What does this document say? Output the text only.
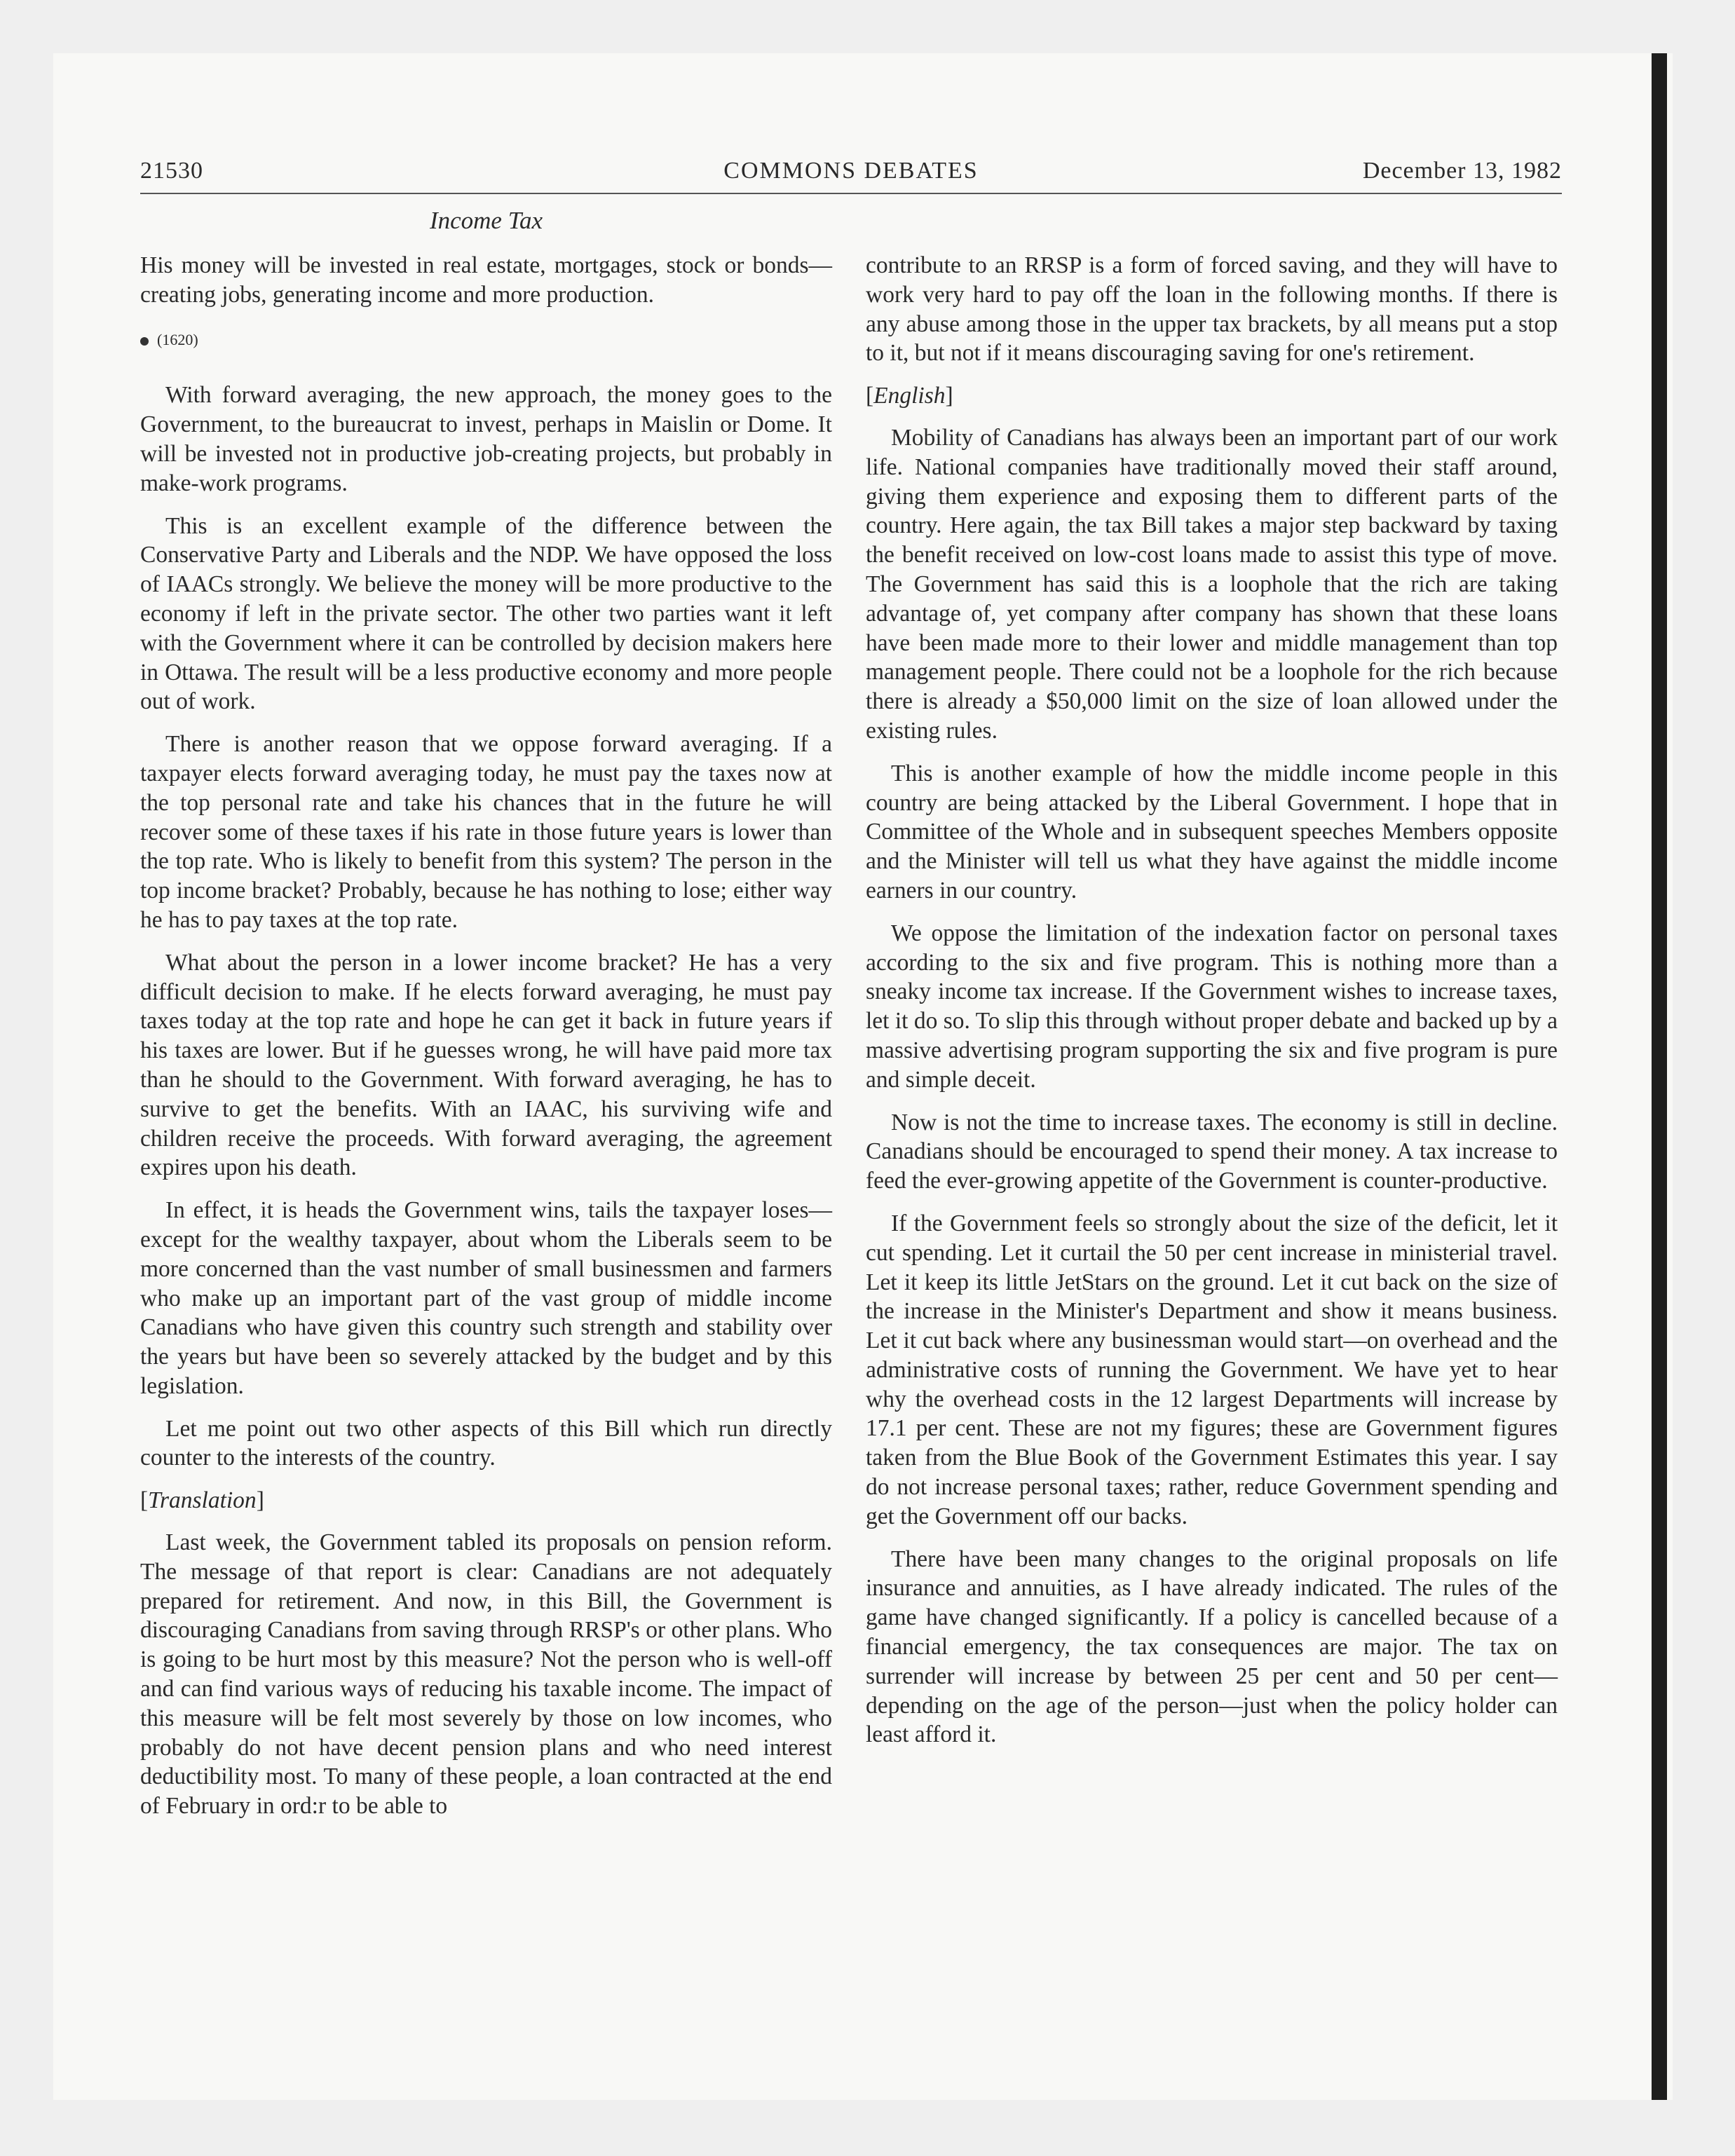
21530	COMMONS DEBATES	December 13, 1982
Income Tax

His money will be invested in real estate, mortgages, stock or bonds—creating jobs, generating income and more production.

(1620)

With forward averaging, the new approach, the money goes to the Government, to the bureaucrat to invest, perhaps in Maislin or Dome. It will be invested not in productive job-creating projects, but probably in make-work programs.

This is an excellent example of the difference between the Conservative Party and Liberals and the NDP. We have opposed the loss of IAACs strongly. We believe the money will be more productive to the economy if left in the private sector. The other two parties want it left with the Government where it can be controlled by decision makers here in Ottawa. The result will be a less productive economy and more people out of work.

There is another reason that we oppose forward averaging. If a taxpayer elects forward averaging today, he must pay the taxes now at the top personal rate and take his chances that in the future he will recover some of these taxes if his rate in those future years is lower than the top rate. Who is likely to benefit from this system? The person in the top income bracket? Probably, because he has nothing to lose; either way he has to pay taxes at the top rate.

What about the person in a lower income bracket? He has a very difficult decision to make. If he elects forward averaging, he must pay taxes today at the top rate and hope he can get it back in future years if his taxes are lower. But if he guesses wrong, he will have paid more tax than he should to the Government. With forward averaging, he has to survive to get the benefits. With an IAAC, his surviving wife and children receive the proceeds. With forward averaging, the agreement expires upon his death.

In effect, it is heads the Government wins, tails the taxpayer loses—except for the wealthy taxpayer, about whom the Liberals seem to be more concerned than the vast number of small businessmen and farmers who make up an important part of the vast group of middle income Canadians who have given this country such strength and stability over the years but have been so severely attacked by the budget and by this legislation.

Let me point out two other aspects of this Bill which run directly counter to the interests of the country.

[Translation]

Last week, the Government tabled its proposals on pension reform. The message of that report is clear: Canadians are not adequately prepared for retirement. And now, in this Bill, the Government is discouraging Canadians from saving through RRSP's or other plans. Who is going to be hurt most by this measure? Not the person who is well-off and can find various ways of reducing his taxable income. The impact of this measure will be felt most severely by those on low incomes, who probably do not have decent pension plans and who need interest deductibility most. To many of these people, a loan contracted at the end of February in ord:r to be able to

contribute to an RRSP is a form of forced saving, and they will have to work very hard to pay off the loan in the following months. If there is any abuse among those in the upper tax brackets, by all means put a stop to it, but not if it means discouraging saving for one's retirement.

[English]

Mobility of Canadians has always been an important part of our work life. National companies have traditionally moved their staff around, giving them experience and exposing them to different parts of the country. Here again, the tax Bill takes a major step backward by taxing the benefit received on low-cost loans made to assist this type of move. The Government has said this is a loophole that the rich are taking advantage of, yet company after company has shown that these loans have been made more to their lower and middle management than top management people. There could not be a loophole for the rich because there is already a $50,000 limit on the size of loan allowed under the existing rules.

This is another example of how the middle income people in this country are being attacked by the Liberal Government. I hope that in Committee of the Whole and in subsequent speeches Members opposite and the Minister will tell us what they have against the middle income earners in our country.

We oppose the limitation of the indexation factor on personal taxes according to the six and five program. This is nothing more than a sneaky income tax increase. If the Government wishes to increase taxes, let it do so. To slip this through without proper debate and backed up by a massive advertising program supporting the six and five program is pure and simple deceit.

Now is not the time to increase taxes. The economy is still in decline. Canadians should be encouraged to spend their money. A tax increase to feed the ever-growing appetite of the Government is counter-productive.

If the Government feels so strongly about the size of the deficit, let it cut spending. Let it curtail the 50 per cent increase in ministerial travel. Let it keep its little JetStars on the ground. Let it cut back on the size of the increase in the Minister's Department and show it means business. Let it cut back where any businessman would start—on overhead and the administrative costs of running the Government. We have yet to hear why the overhead costs in the 12 largest Departments will increase by 17.1 per cent. These are not my figures; these are Government figures taken from the Blue Book of the Government Estimates this year. I say do not increase personal taxes; rather, reduce Government spending and get the Government off our backs.

There have been many changes to the original proposals on life insurance and annuities, as I have already indicated. The rules of the game have changed significantly. If a policy is cancelled because of a financial emergency, the tax consequences are major. The tax on surrender will increase by between 25 per cent and 50 per cent—depending on the age of the person—just when the policy holder can least afford it.
